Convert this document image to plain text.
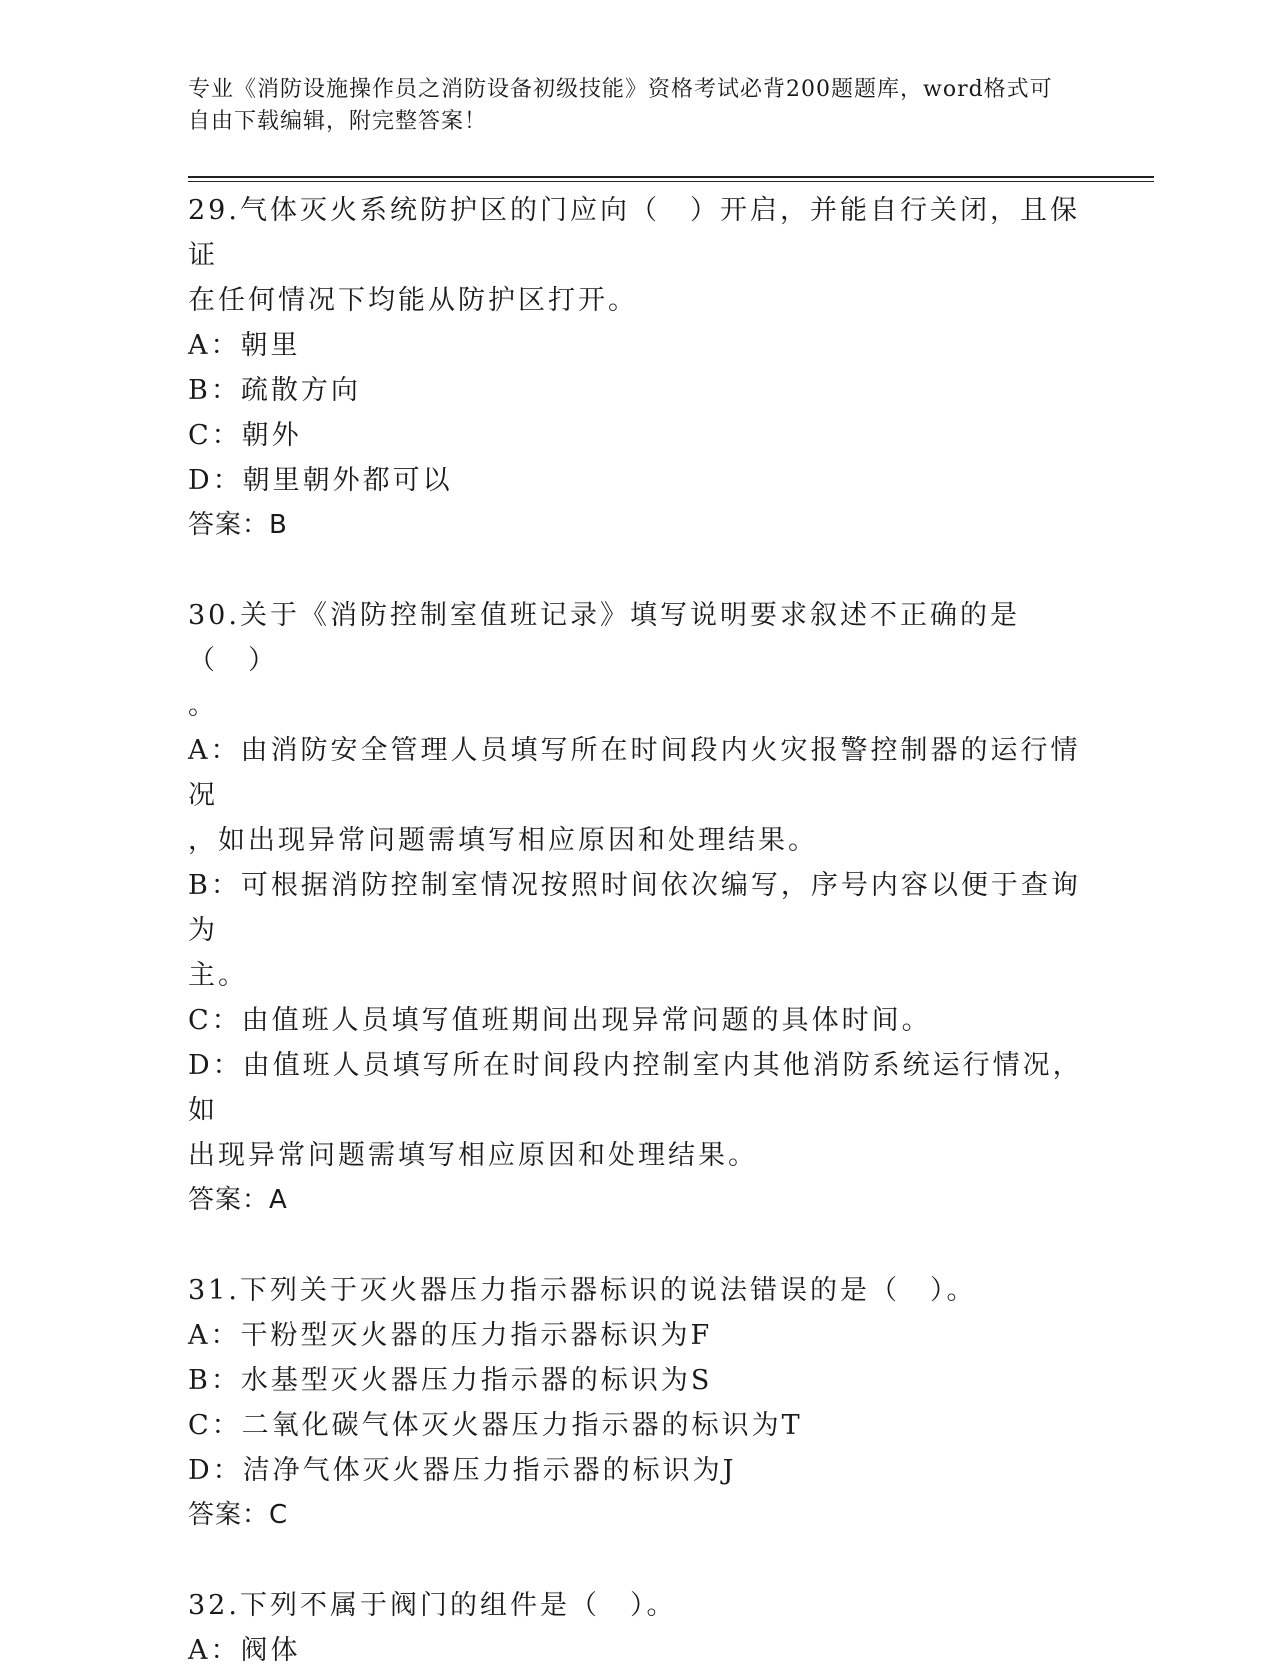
专业《消防设施操作员之消防设备初级技能》资格考试必背200题题库，word格式可自由下载编辑，附完整答案！

29.气体灭火系统防护区的门应向（　）开启，并能自行关闭，且保证

在任何情况下均能从防护区打开。

A：朝里

B：疏散方向

C：朝外

D：朝里朝外都可以

答案：B

30.关于《消防控制室值班记录》填写说明要求叙述不正确的是（　）

。

A：由消防安全管理人员填写所在时间段内火灾报警控制器的运行情况

，如出现异常问题需填写相应原因和处理结果。

B：可根据消防控制室情况按照时间依次编写，序号内容以便于查询为

主。

C：由值班人员填写值班期间出现异常问题的具体时间。

D：由值班人员填写所在时间段内控制室内其他消防系统运行情况，如

出现异常问题需填写相应原因和处理结果。

答案：A

31.下列关于灭火器压力指示器标识的说法错误的是（　）。

A：干粉型灭火器的压力指示器标识为F

B：水基型灭火器压力指示器的标识为S

C：二氧化碳气体灭火器压力指示器的标识为T

D：洁净气体灭火器压力指示器的标识为J

答案：C

32.下列不属于阀门的组件是（　）。

A：阀体
